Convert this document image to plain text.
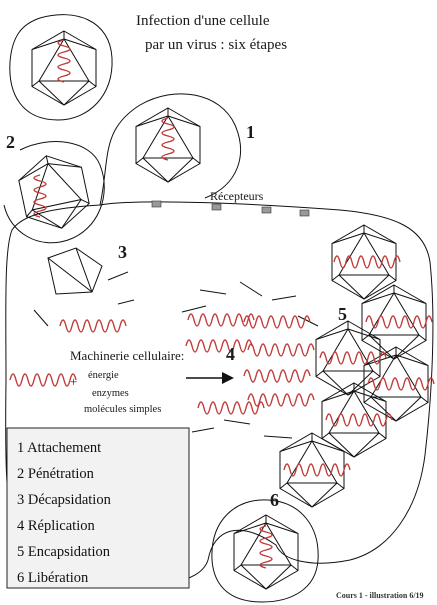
Infection d'une cellule
par un virus : six étapes
Récepteurs
1
2
3
4
5
6
Machinerie cellulaire:
+ énergie
enzymes
molécules simples
1 Attachement
2 Pénétration
3 Décapsidation
4 Réplication
5 Encapsidation
6 Libération
Cours 1 - illustration 6/19
